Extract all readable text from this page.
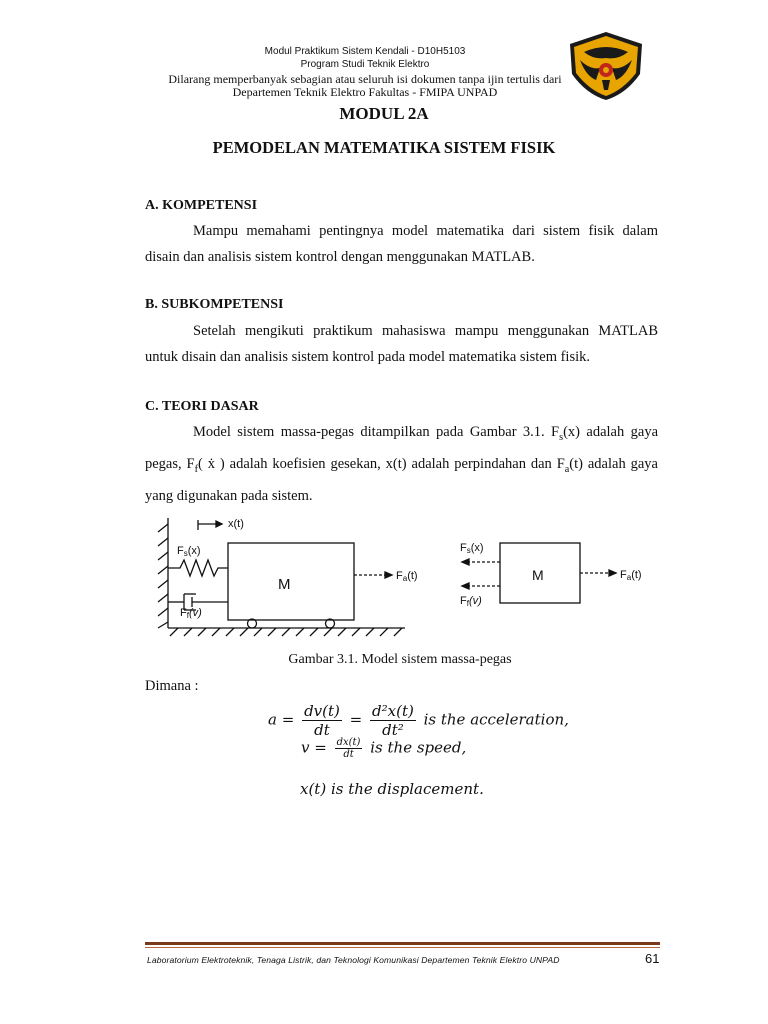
Modul Praktikum Sistem Kendali - D10H5103
Program Studi Teknik Elektro
Dilarang memperbanyak sebagian atau seluruh isi dokumen tanpa ijin tertulis dari
Departemen Teknik Elektro Fakultas - FMIPA UNPAD
MODUL 2A
PEMODELAN MATEMATIKA SISTEM FISIK
A. KOMPETENSI

Mampu memahami pentingnya model matematika dari sistem fisik dalam disain dan analisis sistem kontrol dengan menggunakan MATLAB.

B. SUBKOMPETENSI

Setelah mengikuti praktikum mahasiswa mampu menggunakan MATLAB untuk disain dan analisis sistem kontrol pada model matematika sistem fisik.

C. TEORI DASAR

Model sistem massa-pegas ditampilkan pada Gambar 3.1. $F_s(x)$ adalah gaya pegas, $F_f$( ẋ ) adalah koefisien gesekan, x(t) adalah perpindahan dan $F_a(t)$ adalah gaya yang digunakan pada sistem.

x(t)
M
Fs(x)
Ff(v)
Fa(t)	M
Fs(x)
Ff(v)
Fa(t)
Gambar 3.1. Model sistem massa-pegas
Dimana :
$a = \frac{dv(t)}{dt} = \frac{\text{d²x(t)}}{\text{dt²}}$ is the acceleration,
$v = \frac{dx(t)}{dt}$ is the speed,
x(t) is the displacement.
Laboratorium Elektroteknik, Tenaga Listrik, dan Teknologi Komunikasi Departemen Teknik Elektro UNPAD	61
